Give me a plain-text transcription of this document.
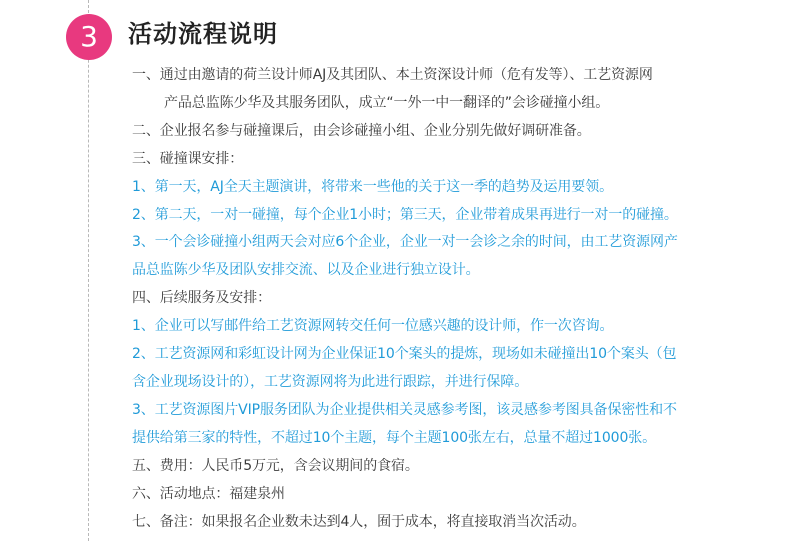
3	活动流程说明
一、通过由邀请的荷兰设计师AJ及其团队、本土资深设计师（危有发等）、工艺资源网
产品总监陈少华及其服务团队，成立“一外一中一翻译的”会诊碰撞小组。
二、企业报名参与碰撞课后，由会诊碰撞小组、企业分别先做好调研准备。
三、碰撞课安排：
1、第一天，AJ全天主题演讲，将带来一些他的关于这一季的趋势及运用要领。
2、第二天，一对一碰撞，每个企业1小时；第三天，企业带着成果再进行一对一的碰撞。
3、一个会诊碰撞小组两天会对应6个企业，企业一对一会诊之余的时间，由工艺资源网产
品总监陈少华及团队安排交流、以及企业进行独立设计。
四、后续服务及安排：
1、企业可以写邮件给工艺资源网转交任何一位感兴趣的设计师，作一次咨询。
2、工艺资源网和彩虹设计网为企业保证10个案头的提炼，现场如未碰撞出10个案头（包
含企业现场设计的），工艺资源网将为此进行跟踪，并进行保障。
3、工艺资源图片VIP服务团队为企业提供相关灵感参考图，该灵感参考图具备保密性和不
提供给第三家的特性，不超过10个主题，每个主题100张左右，总量不超过1000张。
五、费用：人民币5万元，含会议期间的食宿。
六、活动地点：福建泉州
七、备注：如果报名企业数未达到4人，囿于成本，将直接取消当次活动。
